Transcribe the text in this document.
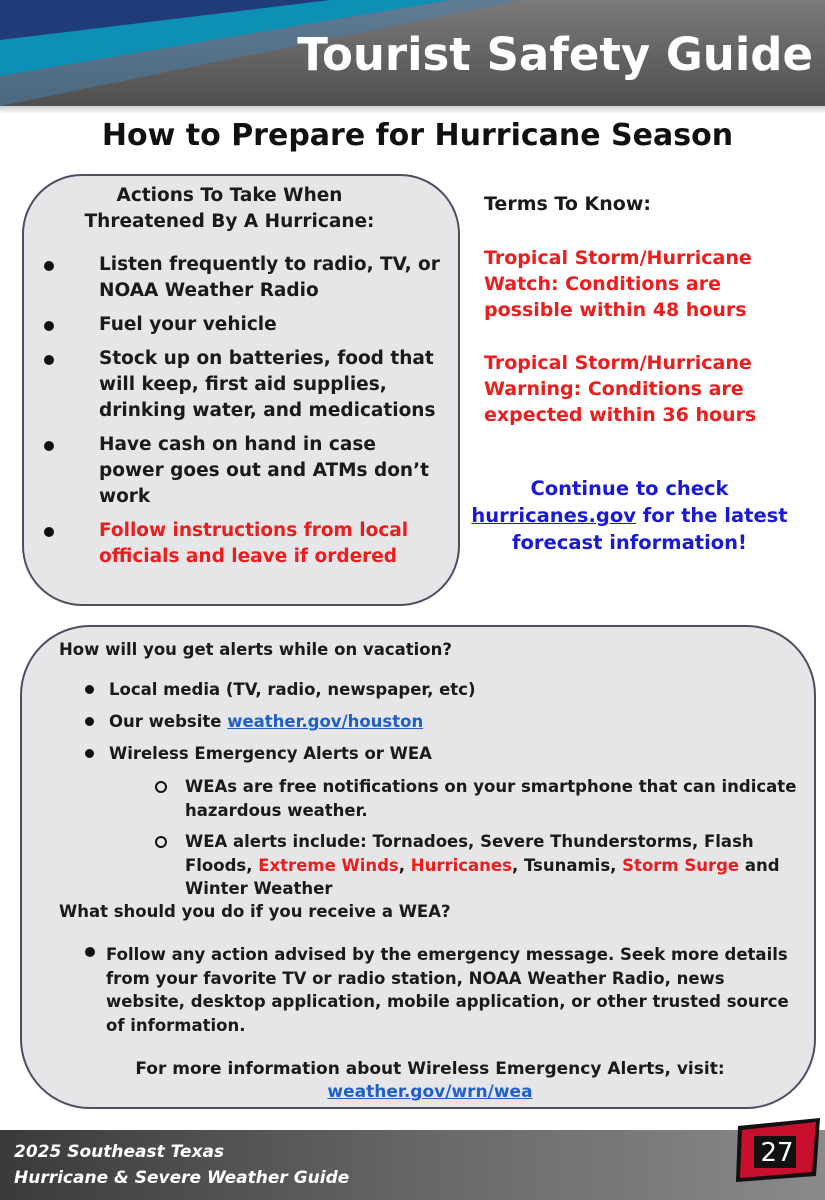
Tourist Safety Guide
How to Prepare for Hurricane Season
Actions To Take When
Threatened By A Hurricane:
Listen frequently to radio, TV, or NOAA Weather Radio
Fuel your vehicle
Stock up on batteries, food that will keep, first aid supplies, drinking water, and medications
Have cash on hand in case power goes out and ATMs don’t work
Follow instructions from local officials and leave if ordered
Terms To Know:
Tropical Storm/Hurricane Watch: Conditions are possible within 48 hours
Tropical Storm/Hurricane Warning: Conditions are expected within 36 hours
Continue to check
hurricanes.gov for the latest forecast information!
How will you get alerts while on vacation?
Local media (TV, radio, newspaper, etc)
Our website weather.gov/houston
Wireless Emergency Alerts or WEA
WEAs are free notifications on your smartphone that can indicate hazardous weather.
WEA alerts include: Tornadoes, Severe Thunderstorms, Flash Floods, Extreme Winds, Hurricanes, Tsunamis, Storm Surge and Winter Weather
What should you do if you receive a WEA?
Follow any action advised by the emergency message. Seek more details from your favorite TV or radio station, NOAA Weather Radio, news website, desktop application, mobile application, or other trusted source of information.
For more information about Wireless Emergency Alerts, visit:
weather.gov/wrn/wea
2025 Southeast Texas
Hurricane & Severe Weather Guide
27
